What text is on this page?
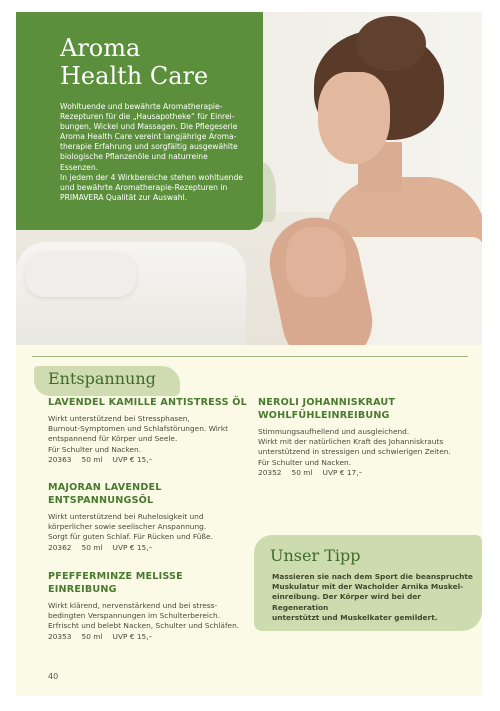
Aroma
Health Care

Wohltuende und bewährte Aromatherapie-

Rezepturen für die „Hausapotheke“ für Einrei-

bungen, Wickel und Massagen. Die Pflegeserie

Aroma Health Care vereint langjährige Aroma-

therapie Erfahrung und sorgfältig ausgewählte

biologische Pflanzenöle und naturreine

Essenzen.

In jedem der 4 Wirkbereiche stehen wohltuende

und bewährte Aromatherapie-Rezepturen in

PRIMAVERA Qualität zur Auswahl.

Entspannung
LAVENDEL KAMILLE ANTISTRESS ÖL
Wirkt unterstützend bei Stressphasen,
Burnout-Symptomen und Schlafstörungen. Wirkt
entspannend für Körper und Seele.
Für Schulter und Nacken.
20363 50 ml UVP € 15,–
MAJORAN LAVENDEL
ENTSPANNUNGSÖL
Wirkt unterstützend bei Ruhelosigkeit und
körperlicher sowie seelischer Anspannung.
Sorgt für guten Schlaf. Für Rücken und Füße.
20362 50 ml UVP € 15,–
PFEFFERMINZE MELISSE
EINREIBUNG
Wirkt klärend, nervenstärkend und bei stress-
bedingten Verspannungen im Schulterbereich.
Erfrischt und belebt Nacken, Schulter und Schläfen.
20353 50 ml UVP € 15,–
NEROLI JOHANNISKRAUT
WOHLFÜHLEINREIBUNG
Stimmungsaufhellend und ausgleichend.
Wirkt mit der natürlichen Kraft des Johanniskrauts
unterstützend in stressigen und schwierigen Zeiten.
Für Schulter und Nacken.
20352 50 ml UVP € 17,–
Unser Tipp
Massieren sie nach dem Sport die beanspruchte
Muskulatur mit der Wacholder Arnika Muskel-
einreibung. Der Körper wird bei der Regeneration
unterstützt und Muskelkater gemildert.
40
